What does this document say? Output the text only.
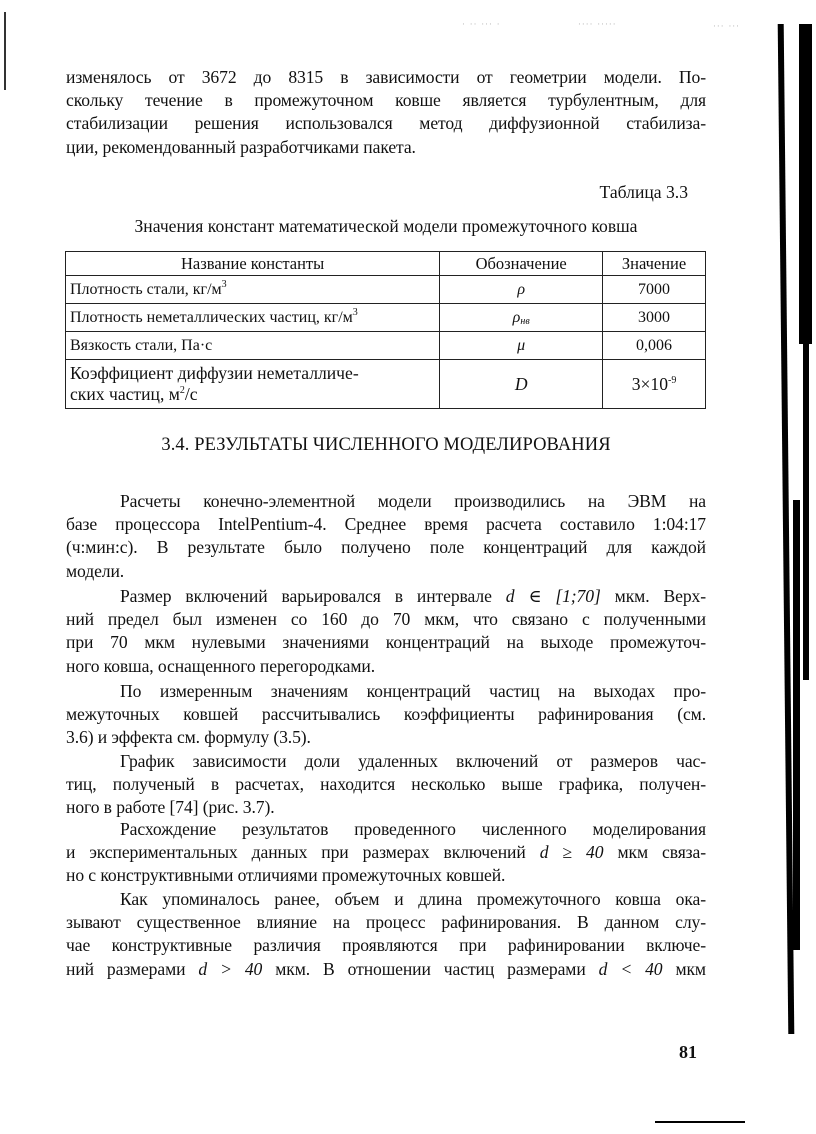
· ·· ··· ·	···· ·····	··· ···
изменялось от 3672 до 8315 в зависимости от геометрии модели. По-
скольку течение в промежуточном ковше является турбулентным, для
стабилизации решения использовался метод диффузионной стабилиза-
ции, рекомендованный разработчиками пакета.
Таблица 3.3
Значения констант математической модели промежуточного ковша
Название константы	Обозначение	Значение
Плотность стали, $кг/м^3$	ρ	7000
Плотность неметаллических частиц, $кг/м^3$	$\rho_{нв}$	3000
Вязкость стали, Па·с	μ	0,006
Коэффициент диффузии неметалличе-
ских частиц, $м^2/с$	D	$3\times 10^{-9}$
3.4. РЕЗУЛЬТАТЫ ЧИСЛЕННОГО МОДЕЛИРОВАНИЯ
Расчеты конечно-элементной модели производились на ЭВМ на
базе процессора IntelPentium-4. Среднее время расчета составило 1:04:17
(ч:мин:с). В результате было получено поле концентраций для каждой
модели.
Размер включений варьировался в интервале d ∈ [1;70] мкм. Верх-
ний предел был изменен со 160 до 70 мкм, что связано с полученными
при 70 мкм нулевыми значениями концентраций на выходе промежуточ-
ного ковша, оснащенного перегородками.
По измеренным значениям концентраций частиц на выходах про-
межуточных ковшей рассчитывались коэффициенты рафинирования (см.
3.6) и эффекта см. формулу (3.5).
График зависимости доли удаленных включений от размеров час-
тиц, полученый в расчетах, находится несколько выше графика, получен-
ного в работе [74] (рис. 3.7).
Расхождение результатов проведенного численного моделирования
и экспериментальных данных при размерах включений d ≥ 40 мкм связа-
но с конструктивными отличиями промежуточных ковшей.
Как упоминалось ранее, объем и длина промежуточного ковша ока-
зывают существенное влияние на процесс рафинирования. В данном слу-
чае конструктивные различия проявляются при рафинировании включе-
ний размерами d > 40 мкм. В отношении частиц размерами d < 40 мкм
81
